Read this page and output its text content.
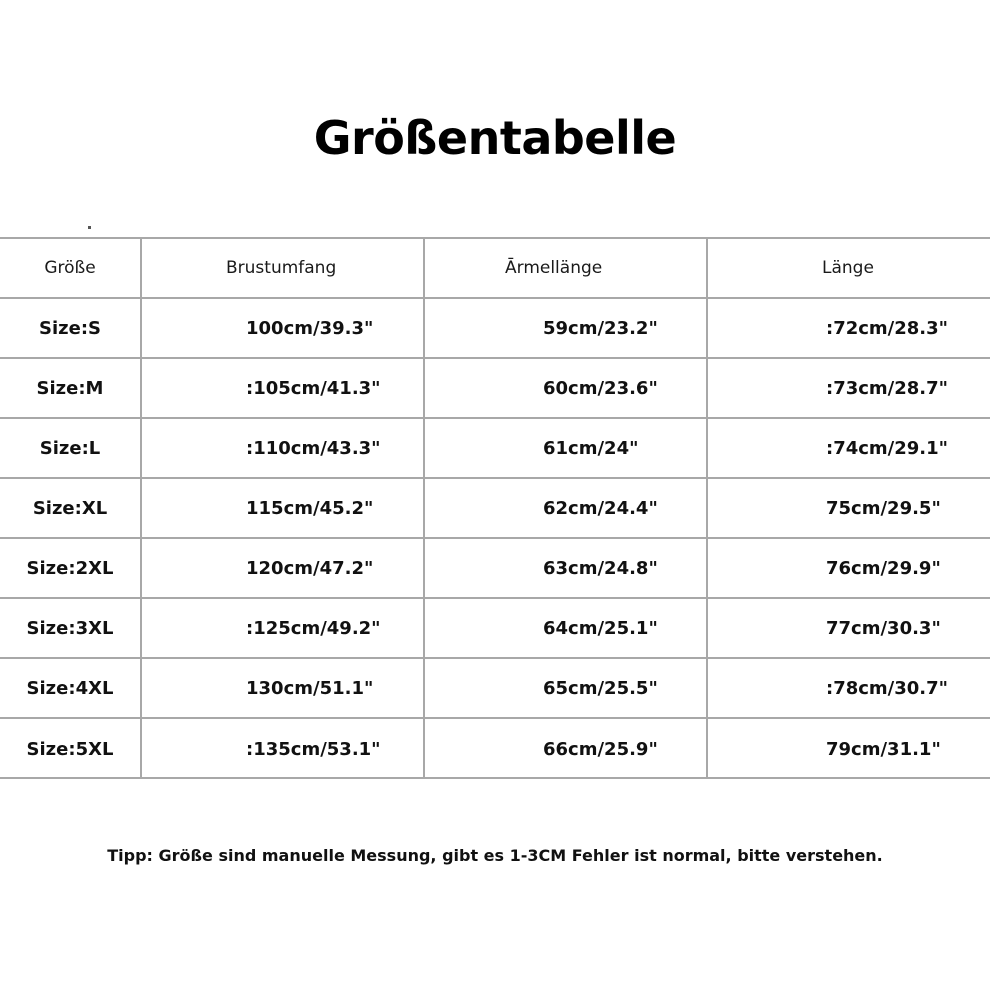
Größentabelle
Größe	Brustumfang	Ārmellänge	Länge
Size:S	100cm/39.3"	59cm/23.2"	:72cm/28.3"
Size:M	:105cm/41.3"	60cm/23.6"	:73cm/28.7"
Size:L	:110cm/43.3"	61cm/24"	:74cm/29.1"
Size:XL	115cm/45.2"	62cm/24.4"	75cm/29.5"
Size:2XL	120cm/47.2"	63cm/24.8"	76cm/29.9"
Size:3XL	:125cm/49.2"	64cm/25.1"	77cm/30.3"
Size:4XL	130cm/51.1"	65cm/25.5"	:78cm/30.7"
Size:5XL	:135cm/53.1"	66cm/25.9"	79cm/31.1"
Tipp: Größe sind manuelle Messung, gibt es 1-3CM Fehler ist normal, bitte verstehen.
